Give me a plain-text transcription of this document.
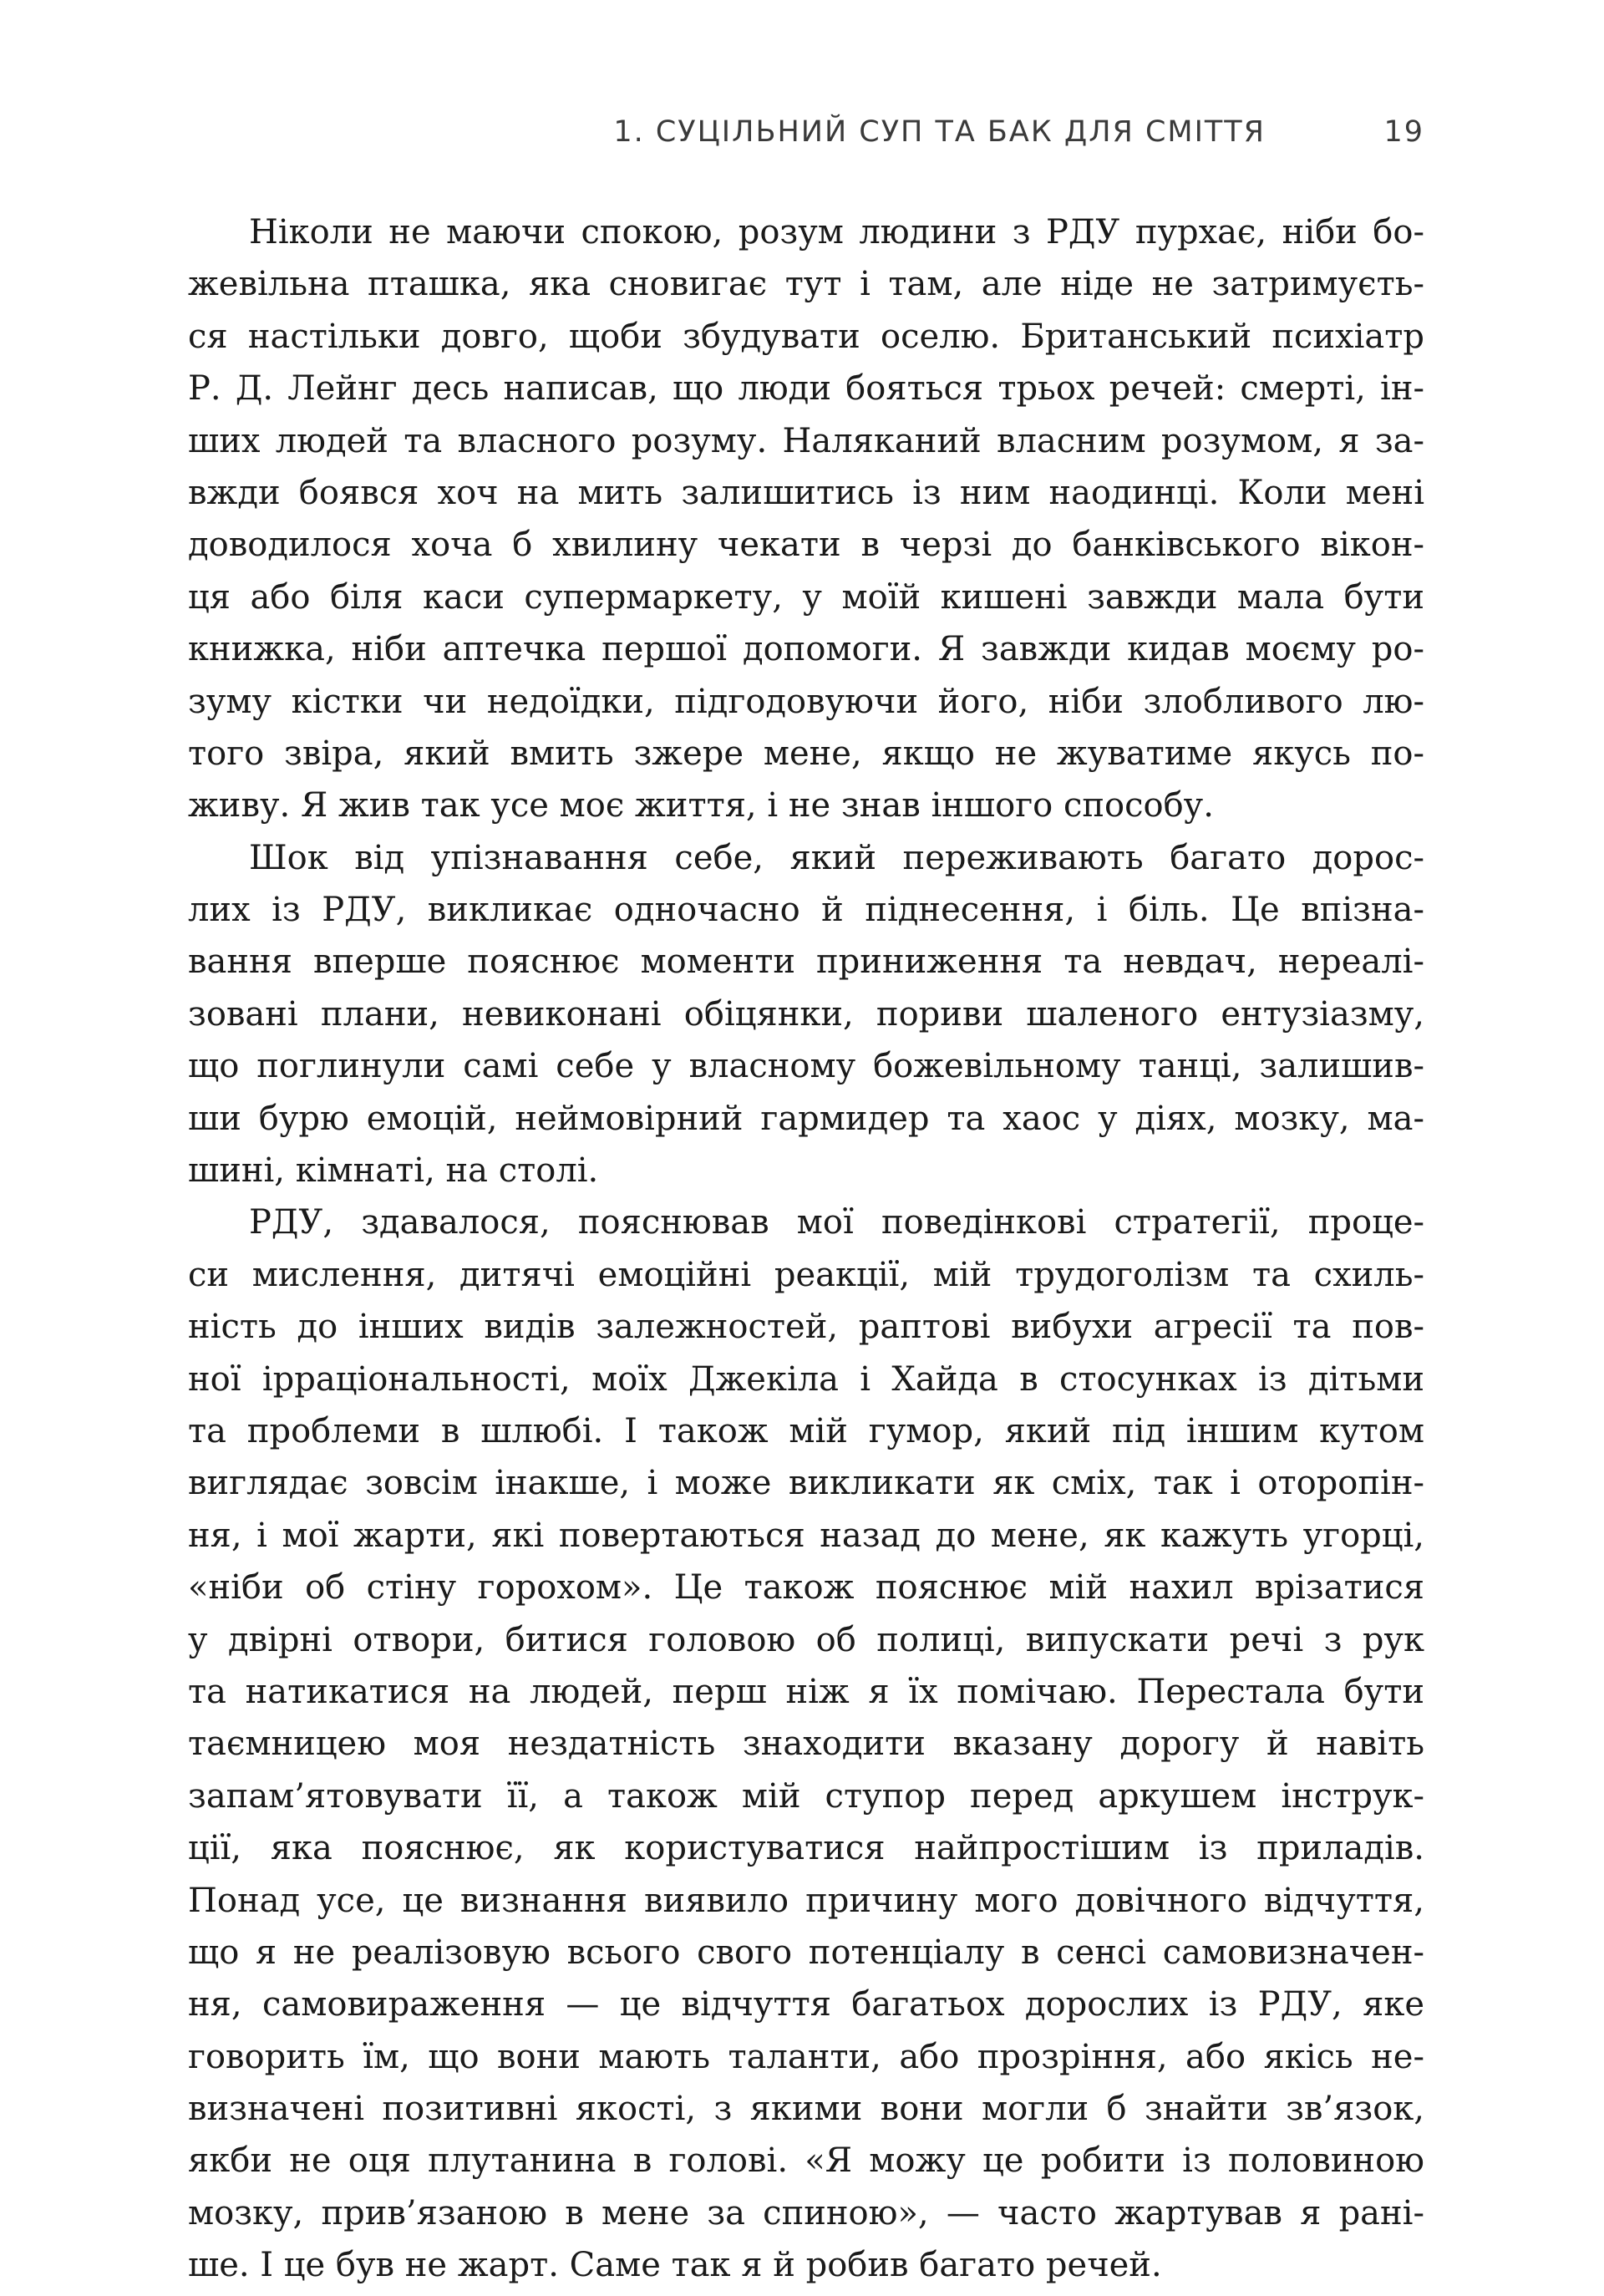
1. СУЦІЛЬНИЙ СУП ТА БАК ДЛЯ СМІТТЯ	19
Ніколи не маючи спокою, розум людини з РДУ пурхає, ніби бо-
жевільна пташка, яка сновигає тут і там, але ніде не затримуєть-
ся настільки довго, щоби збудувати оселю. Британський психіатр
Р. Д. Лейнг десь написав, що люди бояться трьох речей: смерті, ін-
ших людей та власного розуму. Наляканий власним розумом, я за-
вжди боявся хоч на мить залишитись із ним наодинці. Коли мені
доводилося хоча б хвилину чекати в черзі до банківського вікон-
ця або біля каси супермаркету, у моїй кишені завжди мала бути
книжка, ніби аптечка першої допомоги. Я завжди кидав моєму ро-
зуму кістки чи недоїдки, підгодовуючи його, ніби злобливого лю-
того звіра, який вмить зжере мене, якщо не жуватиме якусь по-
живу. Я жив так усе моє життя, і не знав іншого способу.
Шок від упізнавання себе, який переживають багато дорос-
лих із РДУ, викликає одночасно й піднесення, і біль. Це впізна-
вання вперше пояснює моменти приниження та невдач, нереалі-
зовані плани, невиконані обіцянки, пориви шаленого ентузіазму,
що поглинули самі себе у власному божевільному танці, залишив-
ши бурю емоцій, неймовірний гармидер та хаос у діях, мозку, ма-
шині, кімнаті, на столі.
РДУ, здавалося, пояснював мої поведінкові стратегії, проце-
си мислення, дитячі емоційні реакції, мій трудоголізм та схиль-
ність до інших видів залежностей, раптові вибухи агресії та пов-
ної ірраціональності, моїх Джекіла і Хайда в стосунках із дітьми
та проблеми в шлюбі. І також мій гумор, який під іншим кутом
виглядає зовсім інакше, і може викликати як сміх, так і оторопін-
ня, і мої жарти, які повертаються назад до мене, як кажуть угорці,
«ніби об стіну горохом». Це також пояснює мій нахил врізатися
у двірні отвори, битися головою об полиці, випускати речі з рук
та натикатися на людей, перш ніж я їх помічаю. Перестала бути
таємницею моя нездатність знаходити вказану дорогу й навіть
запам’ятовувати її, а також мій ступор перед аркушем інструк-
ції, яка пояснює, як користуватися найпростішим із приладів.
Понад усе, це визнання виявило причину мого довічного відчуття,
що я не реалізовую всього свого потенціалу в сенсі самовизначен-
ня, самовираження — це відчуття багатьох дорослих із РДУ, яке
говорить їм, що вони мають таланти, або прозріння, або якісь не-
визначені позитивні якості, з якими вони могли б знайти зв’язок,
якби не оця плутанина в голові. «Я можу це робити із половиною
мозку, прив’язаною в мене за спиною», — часто жартував я рані-
ше. І це був не жарт. Саме так я й робив багато речей.
